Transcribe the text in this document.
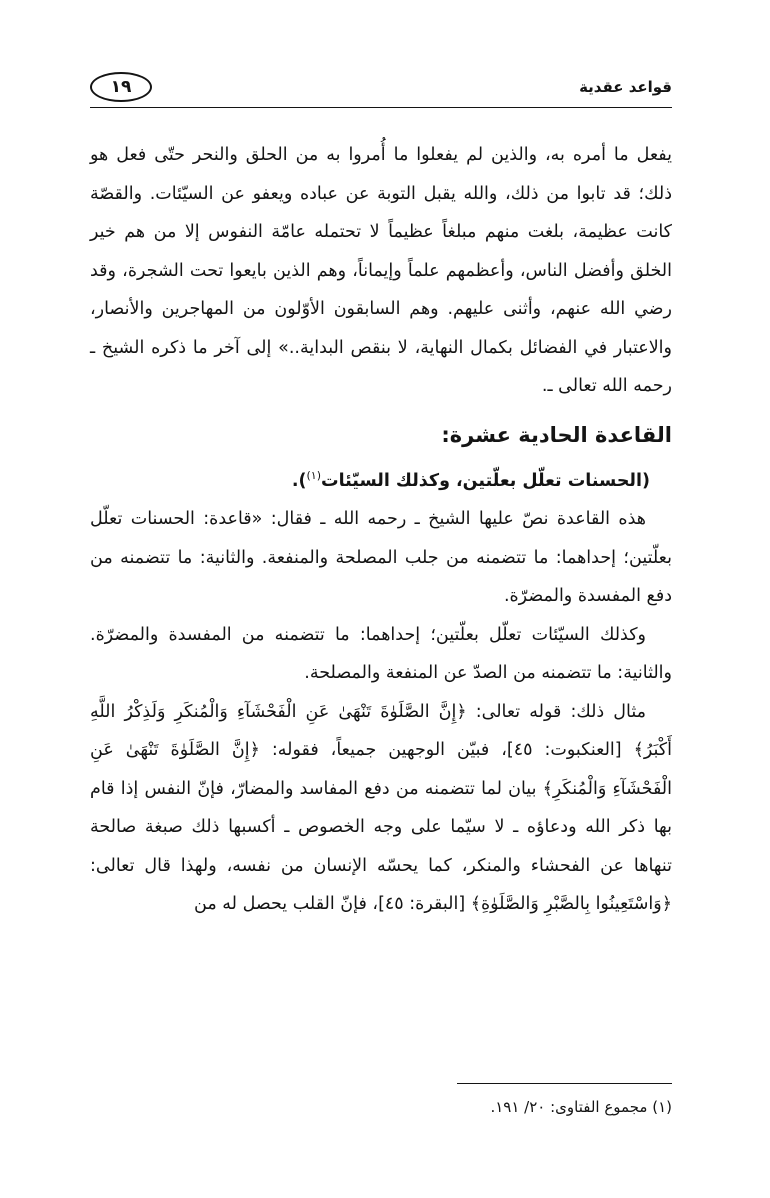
قواعد عقدية
١٩

يفعل ما أمره به، والذين لم يفعلوا ما أُمروا به من الحلق والنحر حتّى فعل هو ذلك؛ قد تابوا من ذلك، والله يقبل التوبة عن عباده ويعفو عن السيّئات. والقصّة كانت عظيمة، بلغت منهم مبلغاً عظيماً لا تحتمله عامّة النفوس إلا من هم خير الخلق وأفضل الناس، وأعظمهم علماً وإيماناً، وهم الذين بايعوا تحت الشجرة، وقد رضي الله عنهم، وأثنى عليهم. وهم السابقون الأوّلون من المهاجرين والأنصار، والاعتبار في الفضائل بكمال النهاية، لا بنقص البداية..» إلى آخر ما ذكره الشيخ ـ رحمه الله تعالى ـ.

القاعدة الحادية عشرة:

(الحسنات تعلّل بعلّتين، وكذلك السيّئات$^{(١)}$).

هذه القاعدة نصّ عليها الشيخ ـ رحمه الله ـ فقال: «قاعدة: الحسنات تعلّل بعلّتين؛ إحداهما: ما تتضمنه من جلب المصلحة والمنفعة. والثانية: ما تتضمنه من دفع المفسدة والمضرّة.

وكذلك السيّئات تعلّل بعلّتين؛ إحداهما: ما تتضمنه من المفسدة والمضرّة. والثانية: ما تتضمنه من الصدّ عن المنفعة والمصلحة.

مثال ذلك: قوله تعالى: ﴿إِنَّ الصَّلَوٰةَ تَنْهَىٰ عَنِ الْفَحْشَآءِ وَالْمُنكَرِ وَلَذِكْرُ اللَّهِ أَكْبَرُ﴾ [العنكبوت: ٤٥]، فبيّن الوجهين جميعاً، فقوله: ﴿إِنَّ الصَّلَوٰةَ تَنْهَىٰ عَنِ الْفَحْشَآءِ وَالْمُنكَرِ﴾ بيان لما تتضمنه من دفع المفاسد والمضارّ، فإنّ النفس إذا قام بها ذكر الله ودعاؤه ـ لا سيّما على وجه الخصوص ـ أكسبها ذلك صبغة صالحة تنهاها عن الفحشاء والمنكر، كما يحسّه الإنسان من نفسه، ولهذا قال تعالى: ﴿وَاسْتَعِينُوا بِالصَّبْرِ وَالصَّلَوٰةِ﴾ [البقرة: ٤٥]، فإنّ القلب يحصل له من

(١) مجموع الفتاوى: ٢٠/ ١٩١.
